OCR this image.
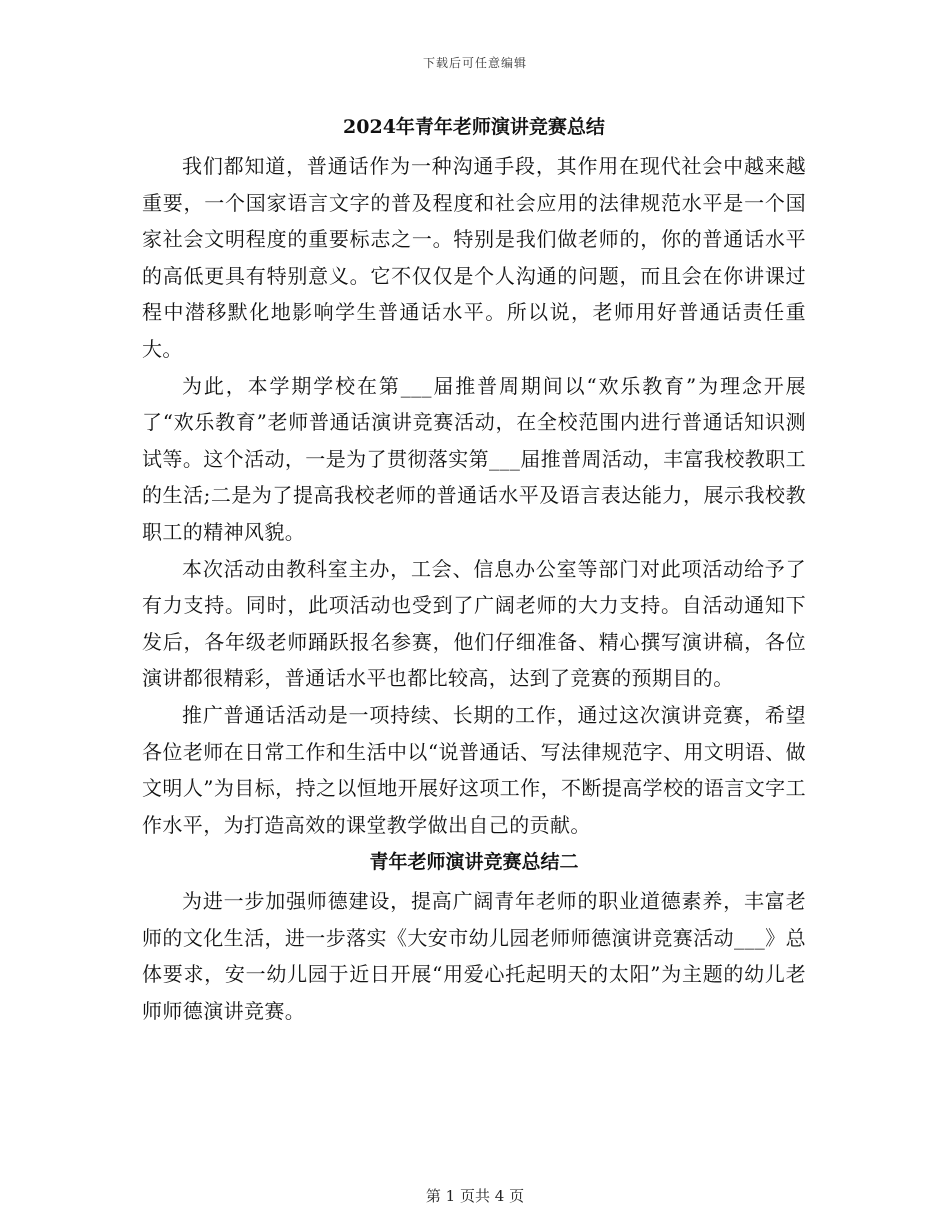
下载后可任意编辑
2024年青年老师演讲竞赛总结

我们都知道，普通话作为一种沟通手段，其作用在现代社会中越来越重要，一个国家语言文字的普及程度和社会应用的法律规范水平是一个国家社会文明程度的重要标志之一。特别是我们做老师的，你的普通话水平的高低更具有特别意义。它不仅仅是个人沟通的问题，而且会在你讲课过程中潜移默化地影响学生普通话水平。所以说，老师用好普通话责任重大。

为此，本学期学校在第___届推普周期间以“欢乐教育”为理念开展了“欢乐教育”老师普通话演讲竞赛活动，在全校范围内进行普通话知识测试等。这个活动，一是为了贯彻落实第___届推普周活动，丰富我校教职工的生活;二是为了提高我校老师的普通话水平及语言表达能力，展示我校教职工的精神风貌。

本次活动由教科室主办，工会、信息办公室等部门对此项活动给予了有力支持。同时，此项活动也受到了广阔老师的大力支持。自活动通知下发后，各年级老师踊跃报名参赛，他们仔细准备、精心撰写演讲稿，各位演讲都很精彩，普通话水平也都比较高，达到了竞赛的预期目的。

推广普通话活动是一项持续、长期的工作，通过这次演讲竞赛，希望各位老师在日常工作和生活中以“说普通话、写法律规范字、用文明语、做文明人”为目标，持之以恒地开展好这项工作，不断提高学校的语言文字工作水平，为打造高效的课堂教学做出自己的贡献。

青年老师演讲竞赛总结二

为进一步加强师德建设，提高广阔青年老师的职业道德素养，丰富老师的文化生活，进一步落实《大安市幼儿园老师师德演讲竞赛活动___》总体要求，安一幼儿园于近日开展“用爱心托起明天的太阳”为主题的幼儿老师师德演讲竞赛。

第 1 页共 4 页
